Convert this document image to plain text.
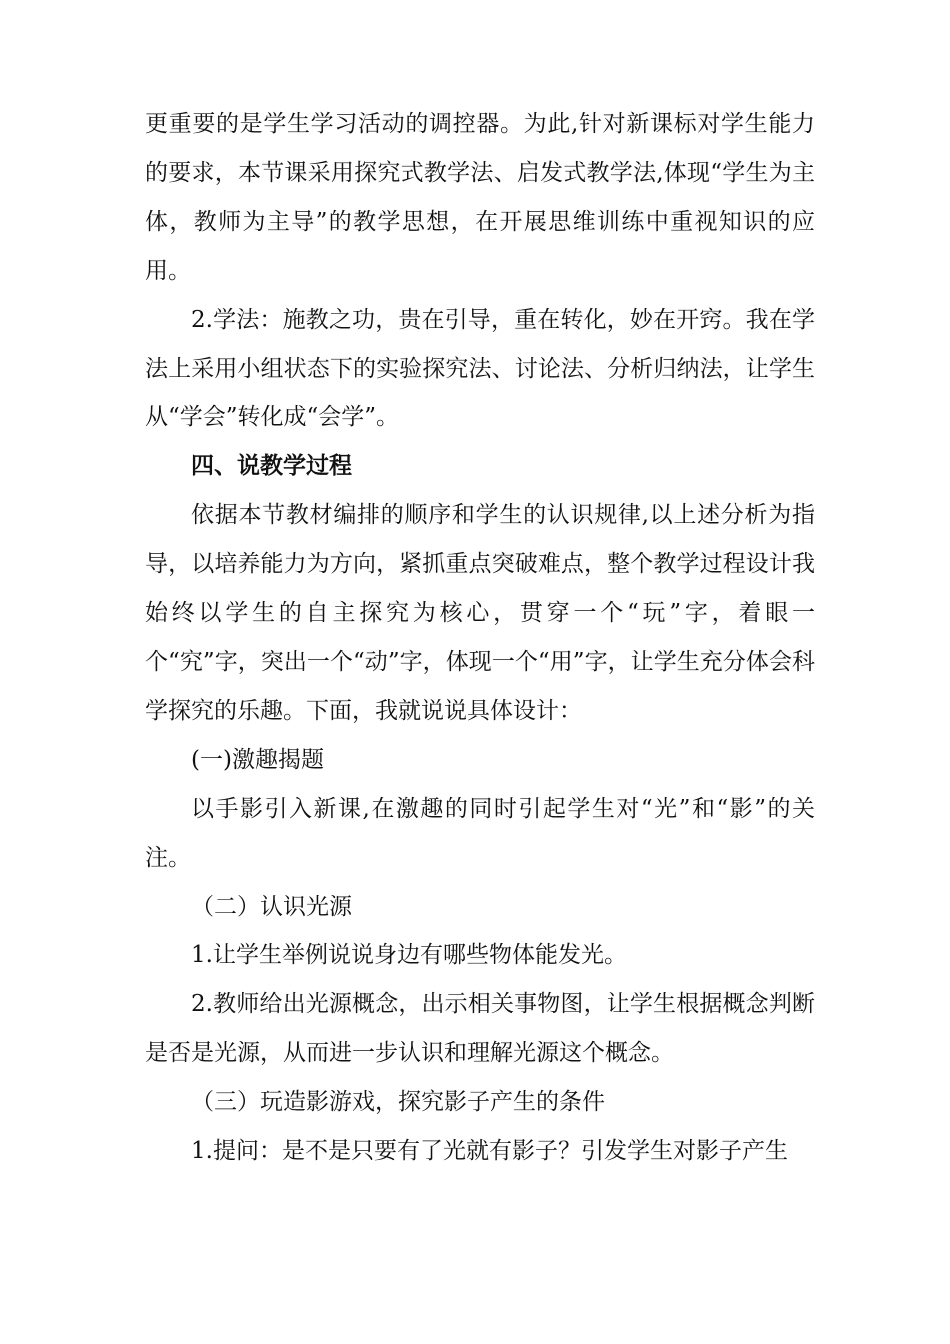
更重要的是学生学习活动的调控器。为此,针对新课标对学生能力的要求，本节课采用探究式教学法、启发式教学法,体现“学生为主体，教师为主导”的教学思想，在开展思维训练中重视知识的应用。

2.学法：施教之功，贵在引导，重在转化，妙在开窍。我在学法上采用小组状态下的实验探究法、讨论法、分析归纳法，让学生从“学会”转化成“会学”。

四、说教学过程

依据本节教材编排的顺序和学生的认识规律,以上述分析为指导，以培养能力为方向，紧抓重点突破难点，整个教学过程设计我始终以学生的自主探究为核心，贯穿一个“玩”字，着眼一个“究”字，突出一个“动”字，体现一个“用”字，让学生充分体会科学探究的乐趣。下面，我就说说具体设计：

(一)激趣揭题

以手影引入新课,在激趣的同时引起学生对“光”和“影”的关注。

（二）认识光源

1.让学生举例说说身边有哪些物体能发光。

2.教师给出光源概念，出示相关事物图，让学生根据概念判断是否是光源，从而进一步认识和理解光源这个概念。

（三）玩造影游戏，探究影子产生的条件

1.提问：是不是只要有了光就有影子？引发学生对影子产生
